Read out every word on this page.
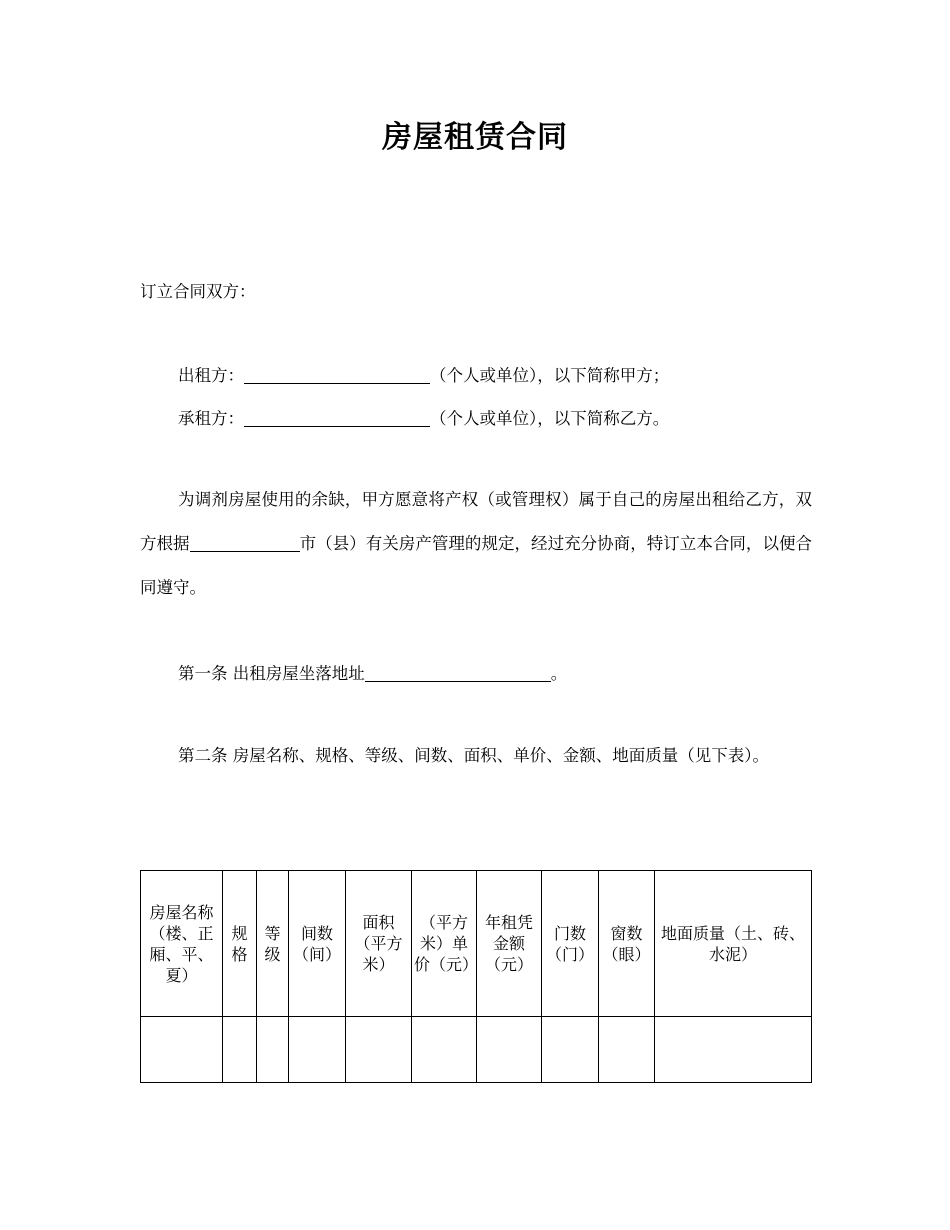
房屋租赁合同
订立合同双方：
出租方：	（个人或单位），以下简称甲方；
承租方：	（个人或单位），以下简称乙方。
为调剂房屋使用的余缺，甲方愿意将产权（或管理权）属于自己的房屋出租给乙方，双方根据	市（县）有关房产管理的规定，经过充分协商，特订立本合同，以便合同遵守。
第一条 出租房屋坐落地址	。
第二条 房屋名称、规格、等级、间数、面积、单价、金额、地面质量（见下表）。
房屋名称（楼、正厢、平、夏）	规格	等级	间数（间）	面积（平方米）	（平方米）单价（元）	年租凭金额（元）	门数（门）	窗数（眼）	地面质量（土、砖、水泥）
